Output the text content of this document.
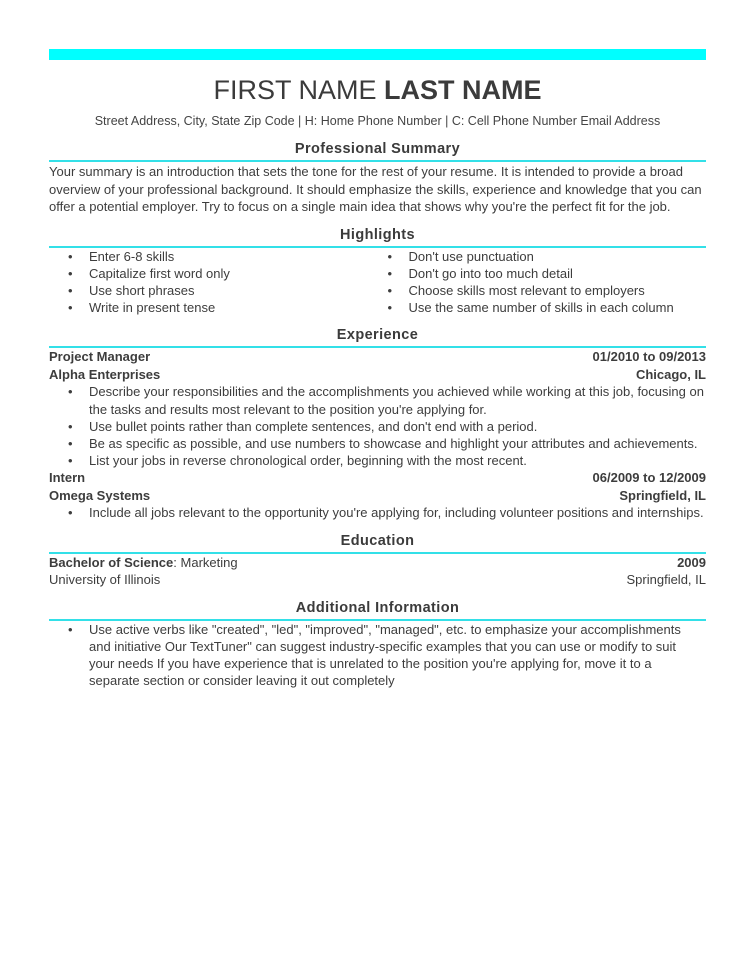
FIRST NAME LAST NAME
Street Address, City, State Zip Code | H: Home Phone Number | C: Cell Phone Number Email Address
Professional Summary
Your summary is an introduction that sets the tone for the rest of your resume. It is intended to provide a broad overview of your professional background. It should emphasize the skills, experience and knowledge that you can offer a potential employer. Try to focus on a single main idea that shows why you're the perfect fit for the job.
Highlights
• Enter 6-8 skills
• Capitalize first word only
• Use short phrases
• Write in present tense
• Don't use punctuation
• Don't go into too much detail
• Choose skills most relevant to employers
• Use the same number of skills in each column
Experience
Project Manager	01/2010 to 09/2013
Alpha Enterprises	Chicago, IL
• Describe your responsibilities and the accomplishments you achieved while working at this job, focusing on the tasks and results most relevant to the position you're applying for.
• Use bullet points rather than complete sentences, and don't end with a period.
• Be as specific as possible, and use numbers to showcase and highlight your attributes and achievements.
• List your jobs in reverse chronological order, beginning with the most recent.
Intern	06/2009 to 12/2009
Omega Systems	Springfield, IL
• Include all jobs relevant to the opportunity you're applying for, including volunteer positions and internships.
Education
Bachelor of Science: Marketing	2009
University of Illinois	Springfield, IL
Additional Information
• Use active verbs like "created", "led", "improved", "managed", etc. to emphasize your accomplishments and initiative Our TextTuner" can suggest industry-specific examples that you can use or modify to suit your needs If you have experience that is unrelated to the position you're applying for, move it to a separate section or consider leaving it out completely
